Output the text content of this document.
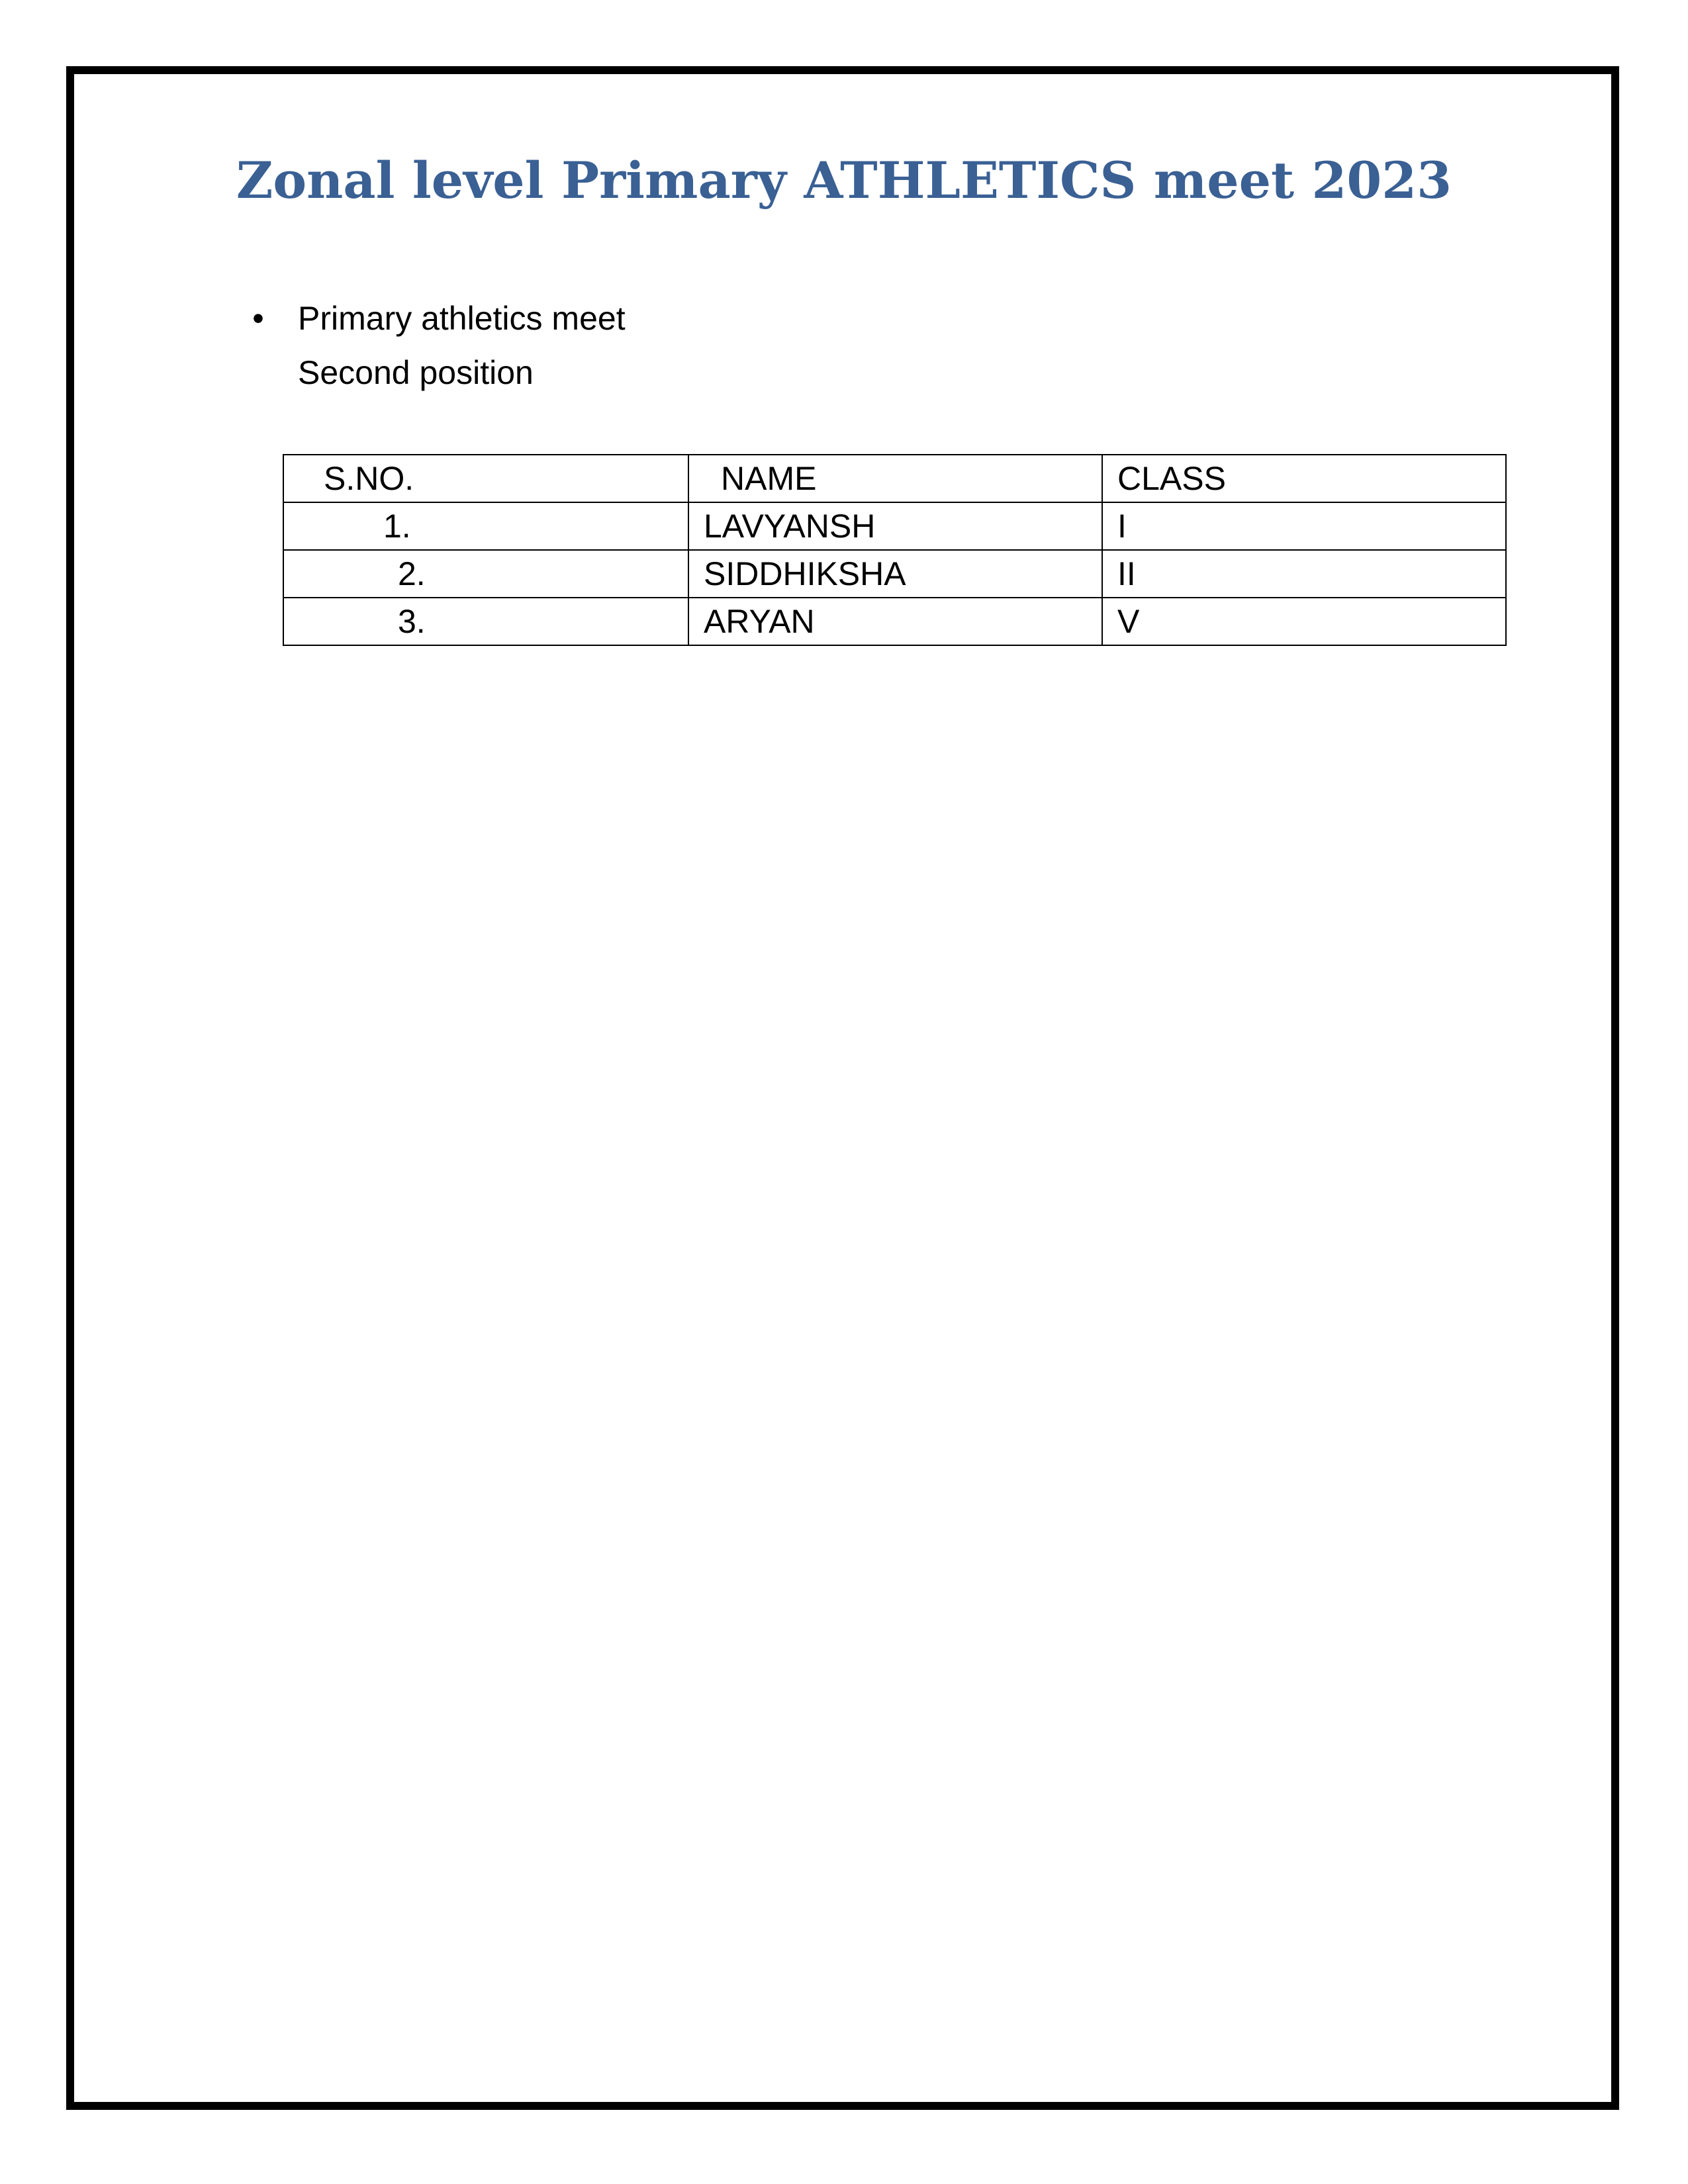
Zonal level Primary ATHLETICS meet 2023
• Primary athletics meet
Second position
S.NO.	NAME	CLASS
1.	LAVYANSH	I
2.	SIDDHIKSHA	II
3.	ARYAN	V
